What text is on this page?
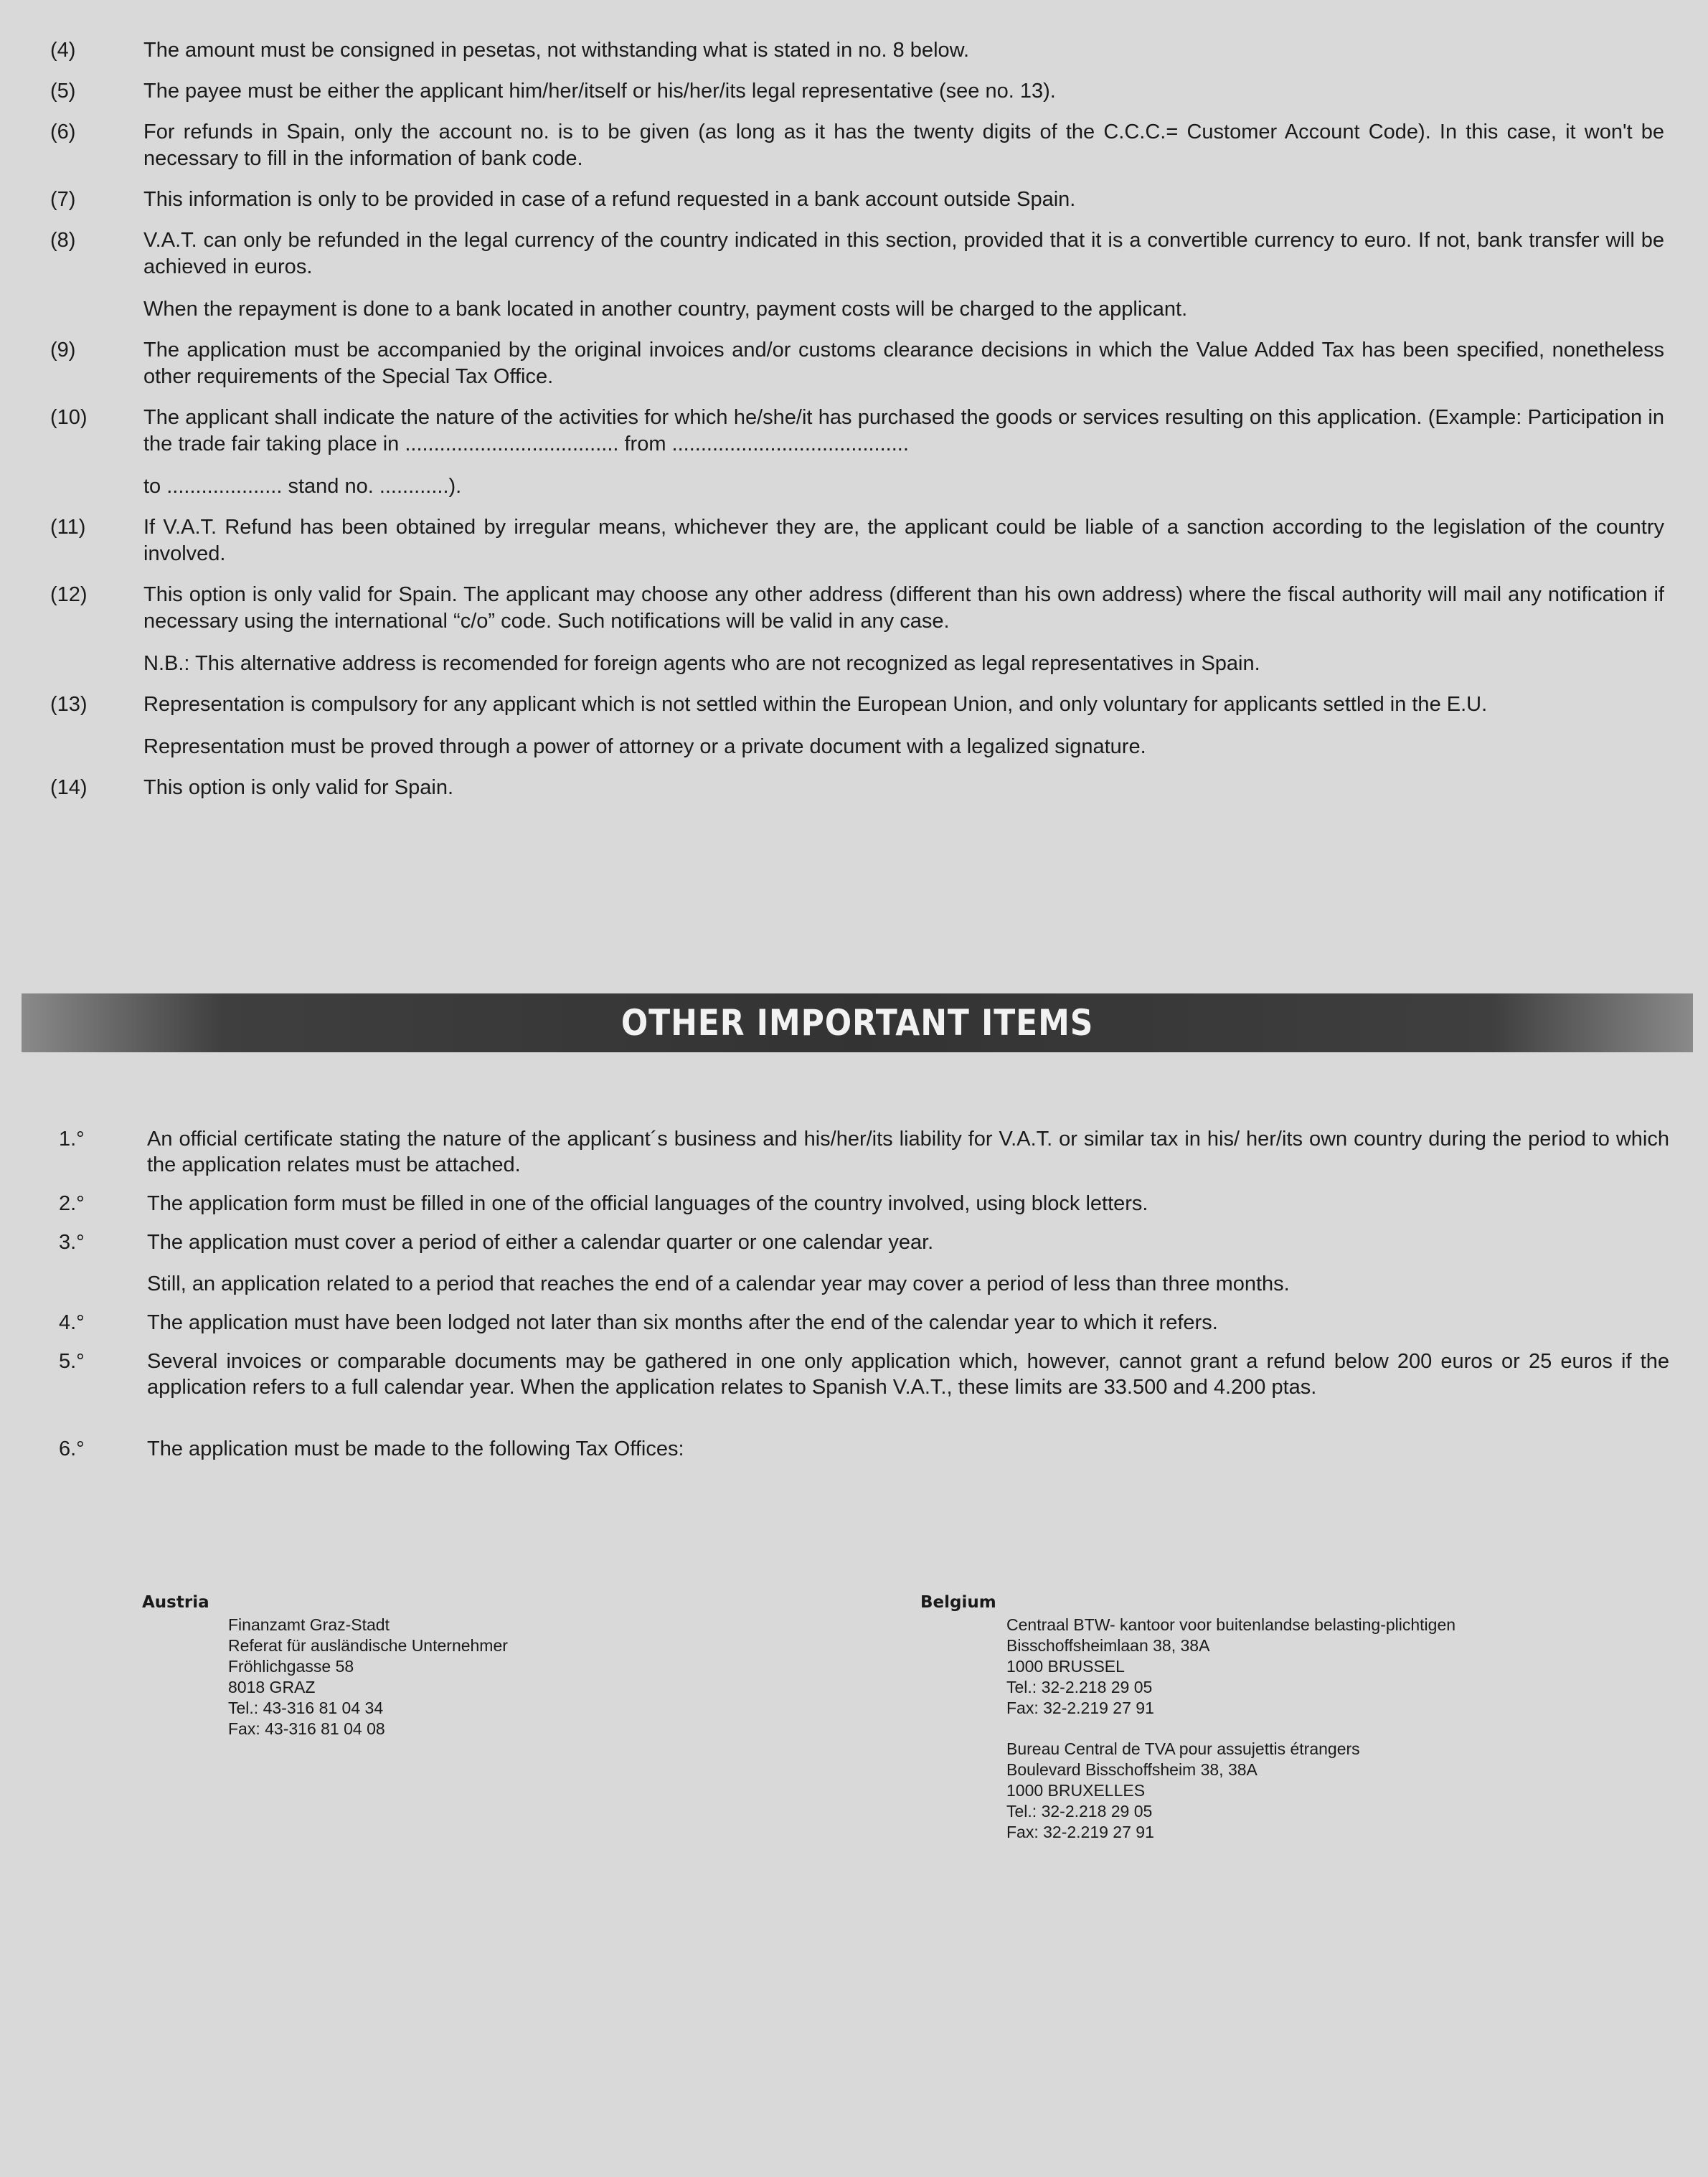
(4)	The amount must be consigned in pesetas, not withstanding what is stated in no. 8 below.

(5)	The payee must be either the applicant him/her/itself or his/her/its legal representative (see no. 13).

(6)	For refunds in Spain, only the account no. is to be given (as long as it has the twenty digits of the C.C.C.= Customer Account Code). In this case, it won't be necessary to fill in the information of bank code.

(7)	This information is only to be provided in case of a refund requested in a bank account outside Spain.

(8)	V.A.T. can only be refunded in the legal currency of the country indicated in this section, provided that it is a convertible currency to euro. If not, bank transfer will be achieved in euros.

When the repayment is done to a bank located in another country, payment costs will be charged to the applicant.

(9)	The application must be accompanied by the original invoices and/or customs clearance decisions in which the Value Added Tax has been specified, nonetheless other requirements of the Special Tax Office.

(10)	The applicant shall indicate the nature of the activities for which he/she/it has purchased the goods or services resulting on this application. (Example: Participation in the trade fair taking place in ..................................... from .........................................

to .................... stand no. ............).

(11)	If V.A.T. Refund has been obtained by irregular means, whichever they are, the applicant could be liable of a sanction according to the legislation of the country involved.

(12)	This option is only valid for Spain. The applicant may choose any other address (different than his own address) where the fiscal authority will mail any notification if necessary using the international “c/o” code. Such notifications will be valid in any case.

N.B.: This alternative address is recomended for foreign agents who are not recognized as legal representatives in Spain.

(13)	Representation is compulsory for any applicant which is not settled within the European Union, and only voluntary for applicants settled in the E.U.

Representation must be proved through a power of attorney or a private document with a legalized signature.

(14)	This option is only valid for Spain.

OTHER IMPORTANT ITEMS
1.°	An official certificate stating the nature of the applicant´s business and his/her/its liability for V.A.T. or similar tax in his/ her/its own country during the period to which the application relates must be attached.

2.°	The application form must be filled in one of the official languages of the country involved, using block letters.

3.°	The application must cover a period of either a calendar quarter or one calendar year.

Still, an application related to a period that reaches the end of a calendar year may cover a period of less than three months.

4.°	The application must have been lodged not later than six months after the end of the calendar year to which it refers.

5.°	Several invoices or comparable documents may be gathered in one only application which, however, cannot grant a refund below 200 euros or 25 euros if the application refers to a full calendar year. When the application relates to Spanish V.A.T., these limits are 33.500 and 4.200 ptas.

6.°	The application must be made to the following Tax Offices:

Austria
Finanzamt Graz-Stadt
Referat für ausländische Unternehmer
Fröhlichgasse 58
8018 GRAZ
Tel.: 43-316 81 04 34
Fax: 43-316 81 04 08
Belgium
Centraal BTW- kantoor voor buitenlandse belasting-plichtigen
Bisschoffsheimlaan 38, 38A
1000 BRUSSEL
Tel.: 32-2.218 29 05
Fax: 32-2.219 27 91
Bureau Central de TVA pour assujettis étrangers
Boulevard Bisschoffsheim 38, 38A
1000 BRUXELLES
Tel.: 32-2.218 29 05
Fax: 32-2.219 27 91
